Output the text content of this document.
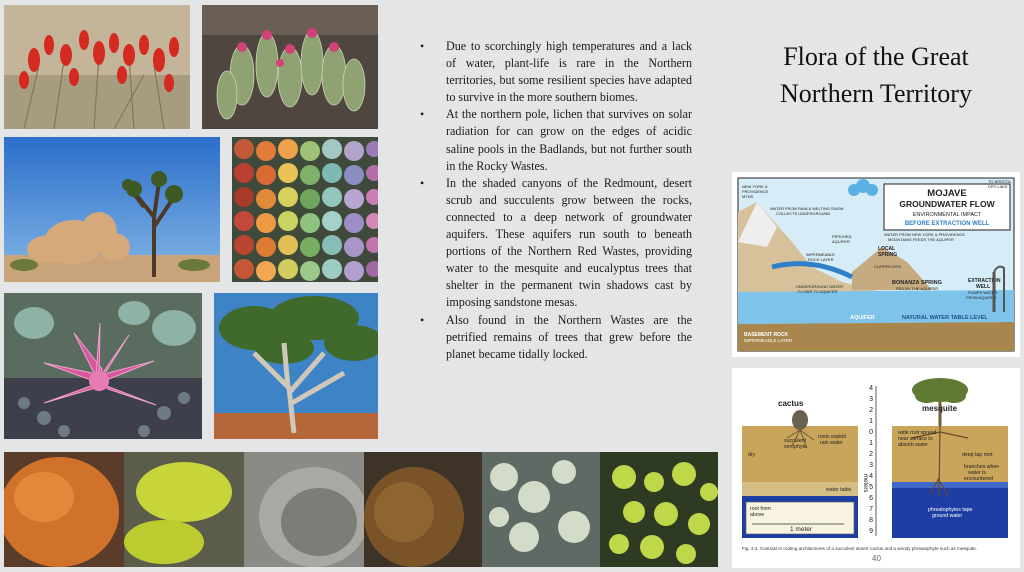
• Due to scorchingly high temperatures and a lack of water, plant-life is rare in the Northern territories, but some resilient species have adapted to survive in the more southern biomes.
• At the northern pole, lichen that survives on solar radiation for can grow on the edges of acidic saline pools in the Badlands, but not further south in the Rocky Wastes.
• In the shaded canyons of the Redmount, desert scrub and succulents grow between the rocks, connected to a deep network of groundwater aquifers. These aquifers run south to beneath portions of the Northern Red Wastes, providing water to the mesquite and eucalyptus trees that shelter in the permanent twin shadows cast by imposing sandstone mesas.
• Also found in the Northern Wastes are the petrified remains of trees that grew before the planet became tidally locked.
Flora of the Great Northern Territory
MOJAVE
GROUNDWATER FLOW
ENVIRONMENTAL IMPACT
BEFORE EXTRACTION WELL
NEW YORK &
PROVIDENCE
MTNS
WATER FROM RAIN & MELTING SNOW
COLLECTS UNDERGROUND
WATER FROM NEW YORK & PROVIDENCE
MOUNTAINS FEEDS THE AQUIFER
TO BRISTOL
DRY LAKE
PERCHED
AQUIFER
IMPERMEABLE
ROCK LAYER
LOCAL
SPRING
CLIPPER MTN
UNDERGROUND WATER
FLOWS TO AQUIFER
BONANZA SPRING
FED BY THE AQUIFER
EXTRACTION
WELL
PUMPS WATER
FROM AQUIFER
AQUIFER	NATURAL WATER TABLE LEVEL
BASEMENT ROCK
IMPERMEABLE LAYER
cactus
mesquite
succulent
xerophyte
roots exploit
rain water
dry
water table
root from
above
1 meter
wide root spread
near surface to
absorb water
deep tap root
branches when
water is
encountered
phreatophytes tape
ground water
meters
4
3
2
1
0
1
2
3
4
5
6
7
8
9
Fig. 3.3. Contrast in rooting architectures of a succulent desert cactus and a woody phreatophyte such as mesquite.
40
